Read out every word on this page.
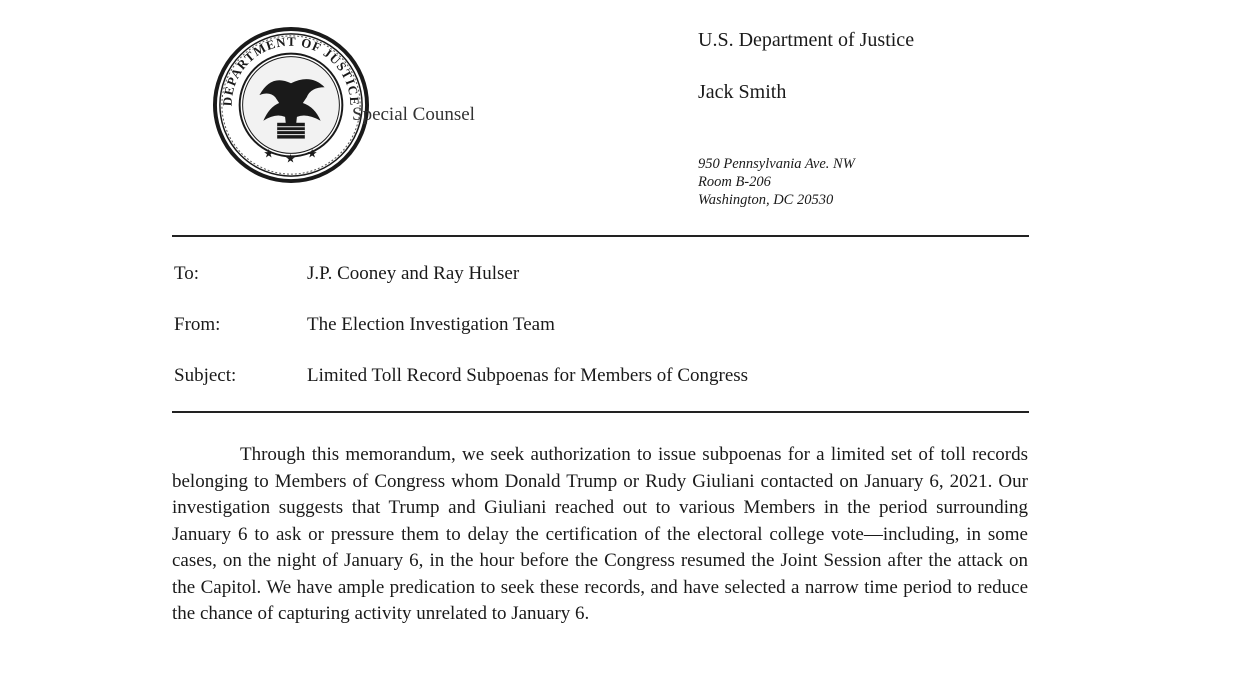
DEPARTMENT OF JUSTICE
★ ★ ★
Special Counsel
U.S. Department of Justice
Jack Smith
950 Pennsylvania Ave. NW
Room B-206
Washington, DC 20530
To:	J.P. Cooney and Ray Hulser
From:	The Election Investigation Team
Subject:	Limited Toll Record Subpoenas for Members of Congress

Through this memorandum, we seek authorization to issue subpoenas for a limited set of toll records belonging to Members of Congress whom Donald Trump or Rudy Giuliani contacted on January 6, 2021. Our investigation suggests that Trump and Giuliani reached out to various Members in the period surrounding January 6 to ask or pressure them to delay the certification of the electoral college vote—including, in some cases, on the night of January 6, in the hour before the Congress resumed the Joint Session after the attack on the Capitol. We have ample predication to seek these records, and have selected a narrow time period to reduce the chance of capturing activity unrelated to January 6.
